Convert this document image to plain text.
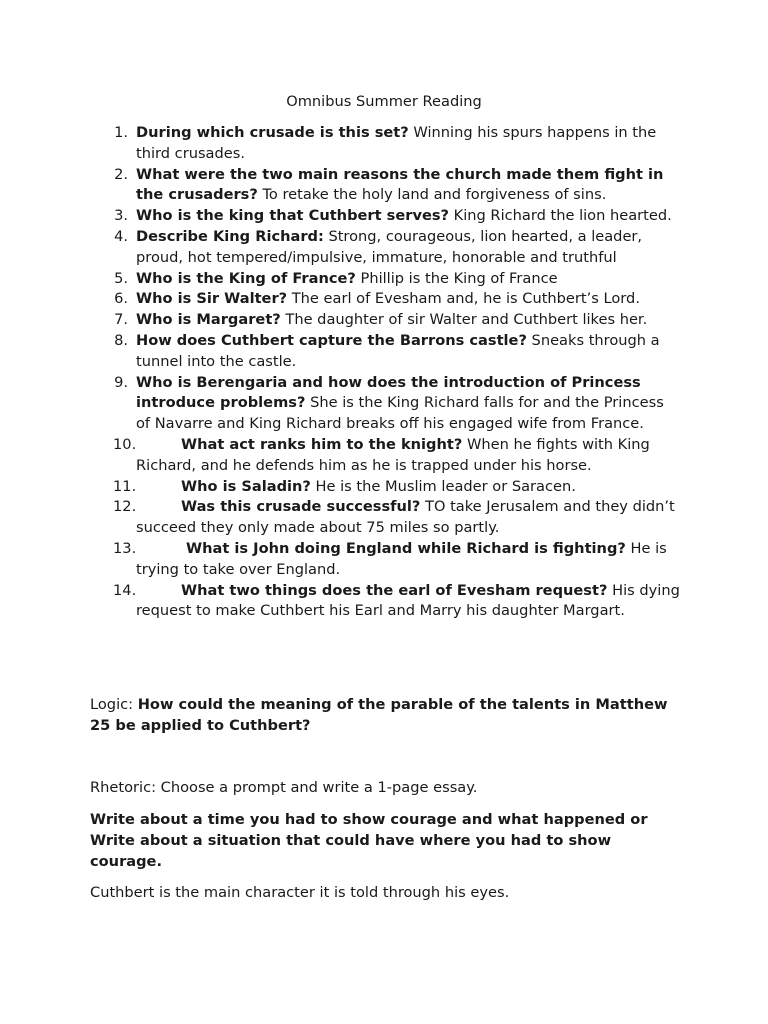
Omnibus Summer Reading
1. During which crusade is this set? Winning his spurs happens in the third crusades.
2. What were the two main reasons the church made them fight in the crusaders? To retake the holy land and forgiveness of sins.
3. Who is the king that Cuthbert serves? King Richard the lion hearted.
4. Describe King Richard: Strong, courageous, lion hearted, a leader, proud, hot tempered/impulsive, immature, honorable and truthful
5. Who is the King of France? Phillip is the King of France
6. Who is Sir Walter? The earl of Evesham and, he is Cuthbert’s Lord.
7. Who is Margaret? The daughter of sir Walter and Cuthbert likes her.
8. How does Cuthbert capture the Barrons castle? Sneaks through a tunnel into the castle.
9. Who is Berengaria and how does the introduction of Princess introduce problems? She is the King Richard falls for and the Princess of Navarre and King Richard breaks off his engaged wife from France.
10.	What act ranks him to the knight? When he fights with King Richard, and he defends him as he is trapped under his horse.
11.	Who is Saladin? He is the Muslim leader or Saracen.
12.	Was this crusade successful? TO take Jerusalem and they didn’t succeed they only made about 75 miles so partly.
13.	What is John doing England while Richard is fighting? He is trying to take over England.
14.	What two things does the earl of Evesham request? His dying request to make Cuthbert his Earl and Marry his daughter Margart.
Logic: How could the meaning of the parable of the talents in Matthew 25 be applied to Cuthbert?
Rhetoric: Choose a prompt and write a 1-page essay.
Write about a time you had to show courage and what happened or Write about a situation that could have where you had to show courage.
Cuthbert is the main character it is told through his eyes.
